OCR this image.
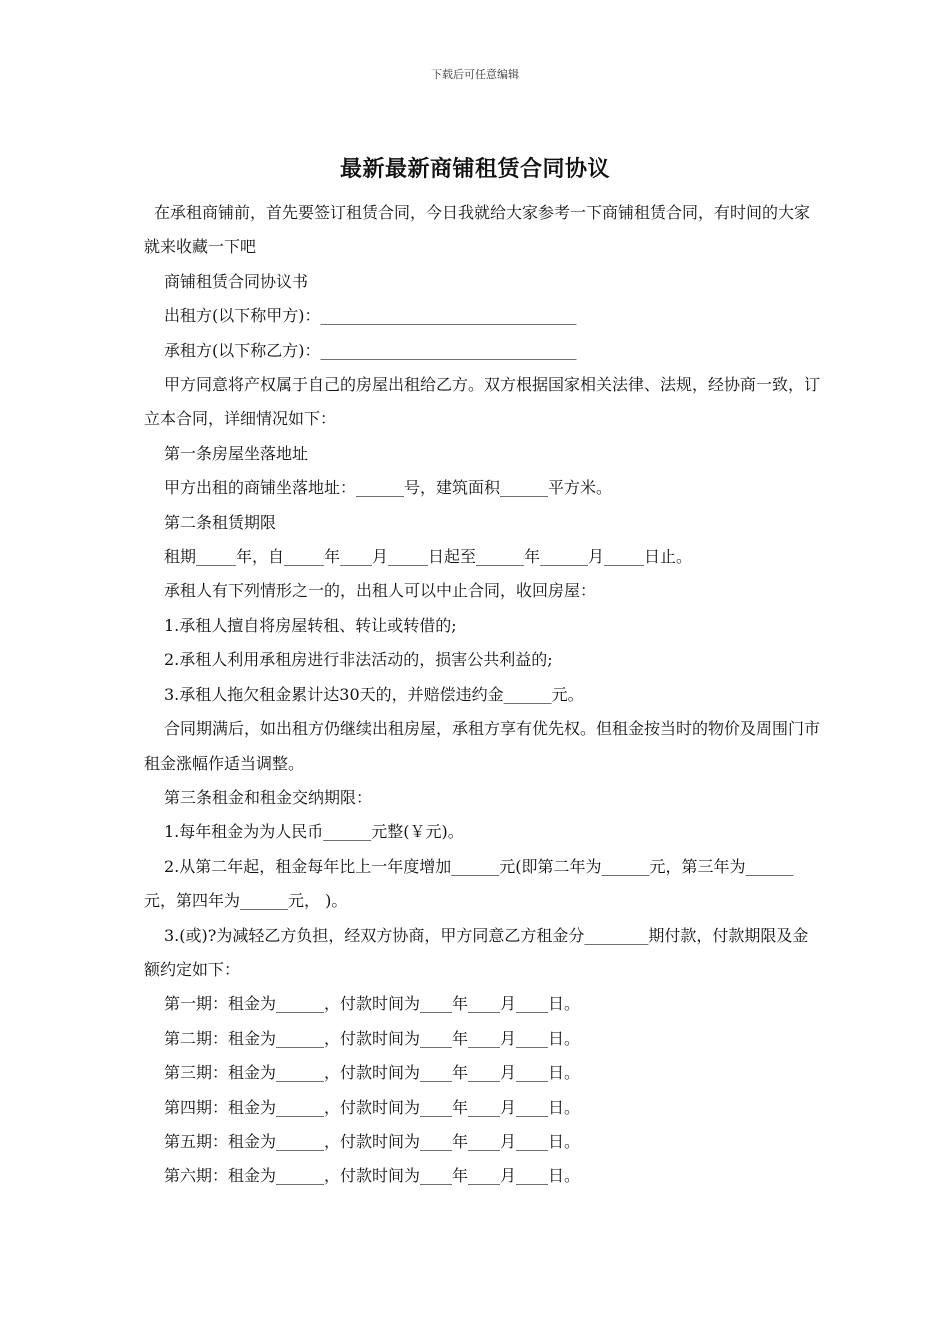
下载后可任意编辑
最新最新商铺租赁合同协议

在承租商铺前，首先要签订租赁合同，今日我就给大家参考一下商铺租赁合同，有时间的大家就来收藏一下吧

商铺租赁合同协议书

出租方(以下称甲方)：________________________________

承租方(以下称乙方)：________________________________

甲方同意将产权属于自己的房屋出租给乙方。双方根据国家相关法律、法规，经协商一致，订立本合同，详细情况如下：

第一条房屋坐落地址

甲方出租的商铺坐落地址：______号，建筑面积______平方米。

第二条租赁期限

租期_____年，自_____年____月_____日起至______年______月_____日止。

承租人有下列情形之一的，出租人可以中止合同，收回房屋：

1.承租人擅自将房屋转租、转让或转借的;

2.承租人利用承租房进行非法活动的，损害公共利益的;

3.承租人拖欠租金累计达30天的，并赔偿违约金______元。

合同期满后，如出租方仍继续出租房屋，承租方享有优先权。但租金按当时的物价及周围门市租金涨幅作适当调整。

第三条租金和租金交纳期限：

1.每年租金为为人民币______元整(￥元)。

2.从第二年起，租金每年比上一年度增加______元(即第二年为______元，第三年为______元，第四年为______元， )。

3.(或)?为减轻乙方负担，经双方协商，甲方同意乙方租金分________期付款，付款期限及金额约定如下：

第一期：租金为______，付款时间为____年____月____日。

第二期：租金为______，付款时间为____年____月____日。

第三期：租金为______，付款时间为____年____月____日。

第四期：租金为______，付款时间为____年____月____日。

第五期：租金为______，付款时间为____年____月____日。

第六期：租金为______，付款时间为____年____月____日。
